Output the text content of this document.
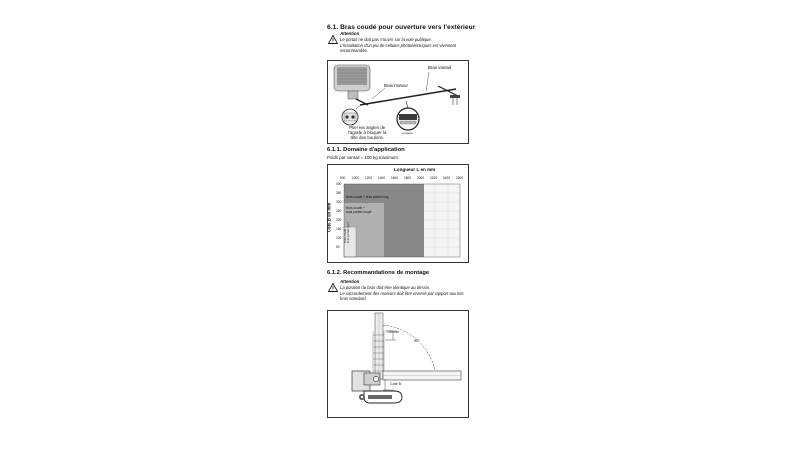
6.1. Bras coudé pour ouverture vers l'extérieur
Attention
Le portail ne doit pas s'ouvrir sur la voie publique.
L'installation d'un jeu de cellules photoélectriques est vivement
recommandée.
Longueur
Bras vantail
Bras moteur
Plier les angles de
l'agrafe à bloquer la
tête des boulons.
6.1.1. Domaine d'application
Poids par vantail = 100 kg maximum
Longueur L en mm
800 1000 1200 1400 1600 1800 2000 2200 2400 2600
400
350
300
250
200
150
100
50
Cote B en mm
Bras coudé + bras portail long
Bras coudé +
bras portail coupé
Bras coudé + bras portail court
6.1.2. Recommandations de montage
Attention
La position du bras doit être identique au dessin.
Le raccordement des moteurs doit être inversé par rapport aux kits
bras standard.
100 mm
90°
Cote B
